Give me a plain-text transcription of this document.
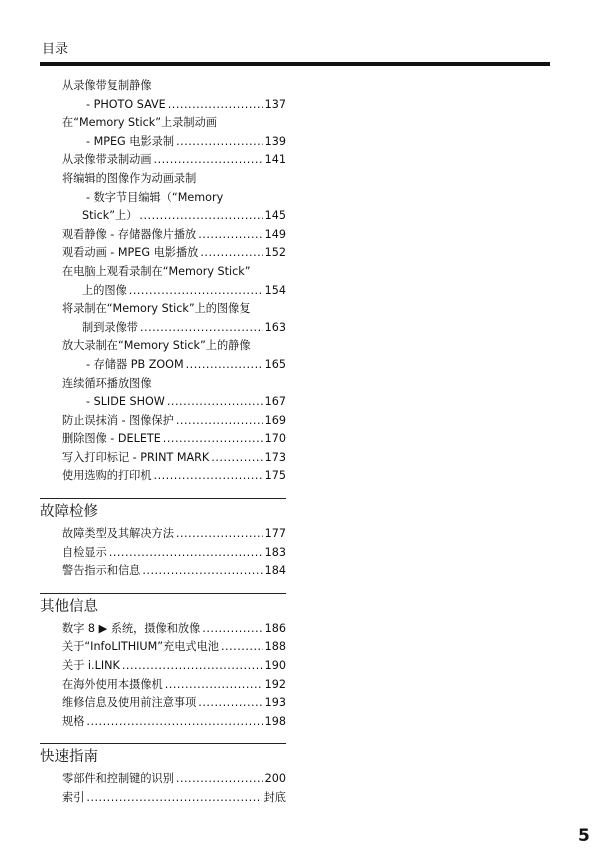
目录
从录像带复制静像
- PHOTO SAVE .....	137
在“Memory Stick”上录制动画
- MPEG 电影录制 .....	139
从录像带录制动画 .....	141
将编辑的图像作为动画录制
- 数字节目编辑（“Memory
Stick”上） .....	145
观看静像 - 存储器像片播放 .....	149
观看动画 - MPEG 电影播放 .....	152
在电脑上观看录制在“Memory Stick”
上的图像 .....	154
将录制在“Memory Stick”上的图像复
制到录像带 .....	163
放大录制在“Memory Stick”上的静像
- 存储器 PB ZOOM .....	165
连续循环播放图像
- SLIDE SHOW .....	167
防止误抹消 - 图像保护 .....	169
删除图像 - DELETE .....	170
写入打印标记 - PRINT MARK .....	173
使用选购的打印机 .....	175
故障检修
故障类型及其解决方法 .....	177
自检显示 .....	183
警告指示和信息 .....	184
其他信息
数字 8 ▶ 系统，摄像和放像 .....	186
关于“InfoLITHIUM”充电式电池 .....	188
关于 i.LINK .....	190
在海外使用本摄像机 .....	192
维修信息及使用前注意事项 .....	193
规格 .....	198
快速指南
零部件和控制键的识别 .....	200
索引 .....	封底
5
